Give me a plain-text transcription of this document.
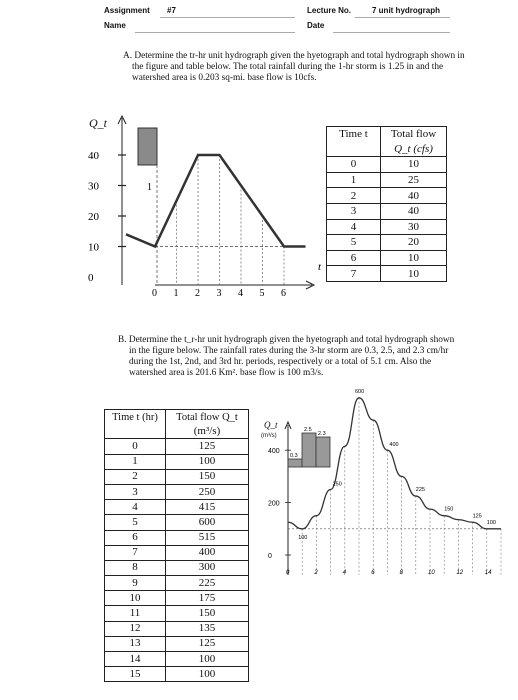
Assignment #7	Lecture No.	7 unit hydrograph
Name	Date
A. Determine the tr-hr unit hydrograph given the hyetograph and total hydrograph shown in the figure and table below. The total rainfall during the 1-hr storm is 1.25 in and the watershed area is 0.203 sq-mi. base flow is 10cfs.
t
40
30
20
10
0
1
0 1 2 3 4 5 6
Q_t
Time t	Total flow
	Q_t (cfs)
0	10
1	25
2	40
3	40
4	30
5	20
6	10
7	10
B. Determine the t_r-hr unit hydrograph given the hyetograph and total hydrograph shown in the figure below. The rainfall rates during the 3-hr storm are 0.3, 2.5, and 2.3 cm/hr during the 1st, 2nd, and 3rd hr. periods, respectively or a total of 5.1 cm. Also the watershed area is 201.6 Km². base flow is 100 m3/s.
Time t (hr)	Total flow Q_t
	(m³/s)
0	125
1	100
2	150
3	250
4	415
5	600
6	515
7	400
8	300
9	225
10	175
11	150
12	135
13	125
14	100
15	100
400
200
0
0.3
2.5
2.3
100
250
600
400
225
150
125
100
0	2	4	6	8	10	12	14
Q_t
(m³/s)
